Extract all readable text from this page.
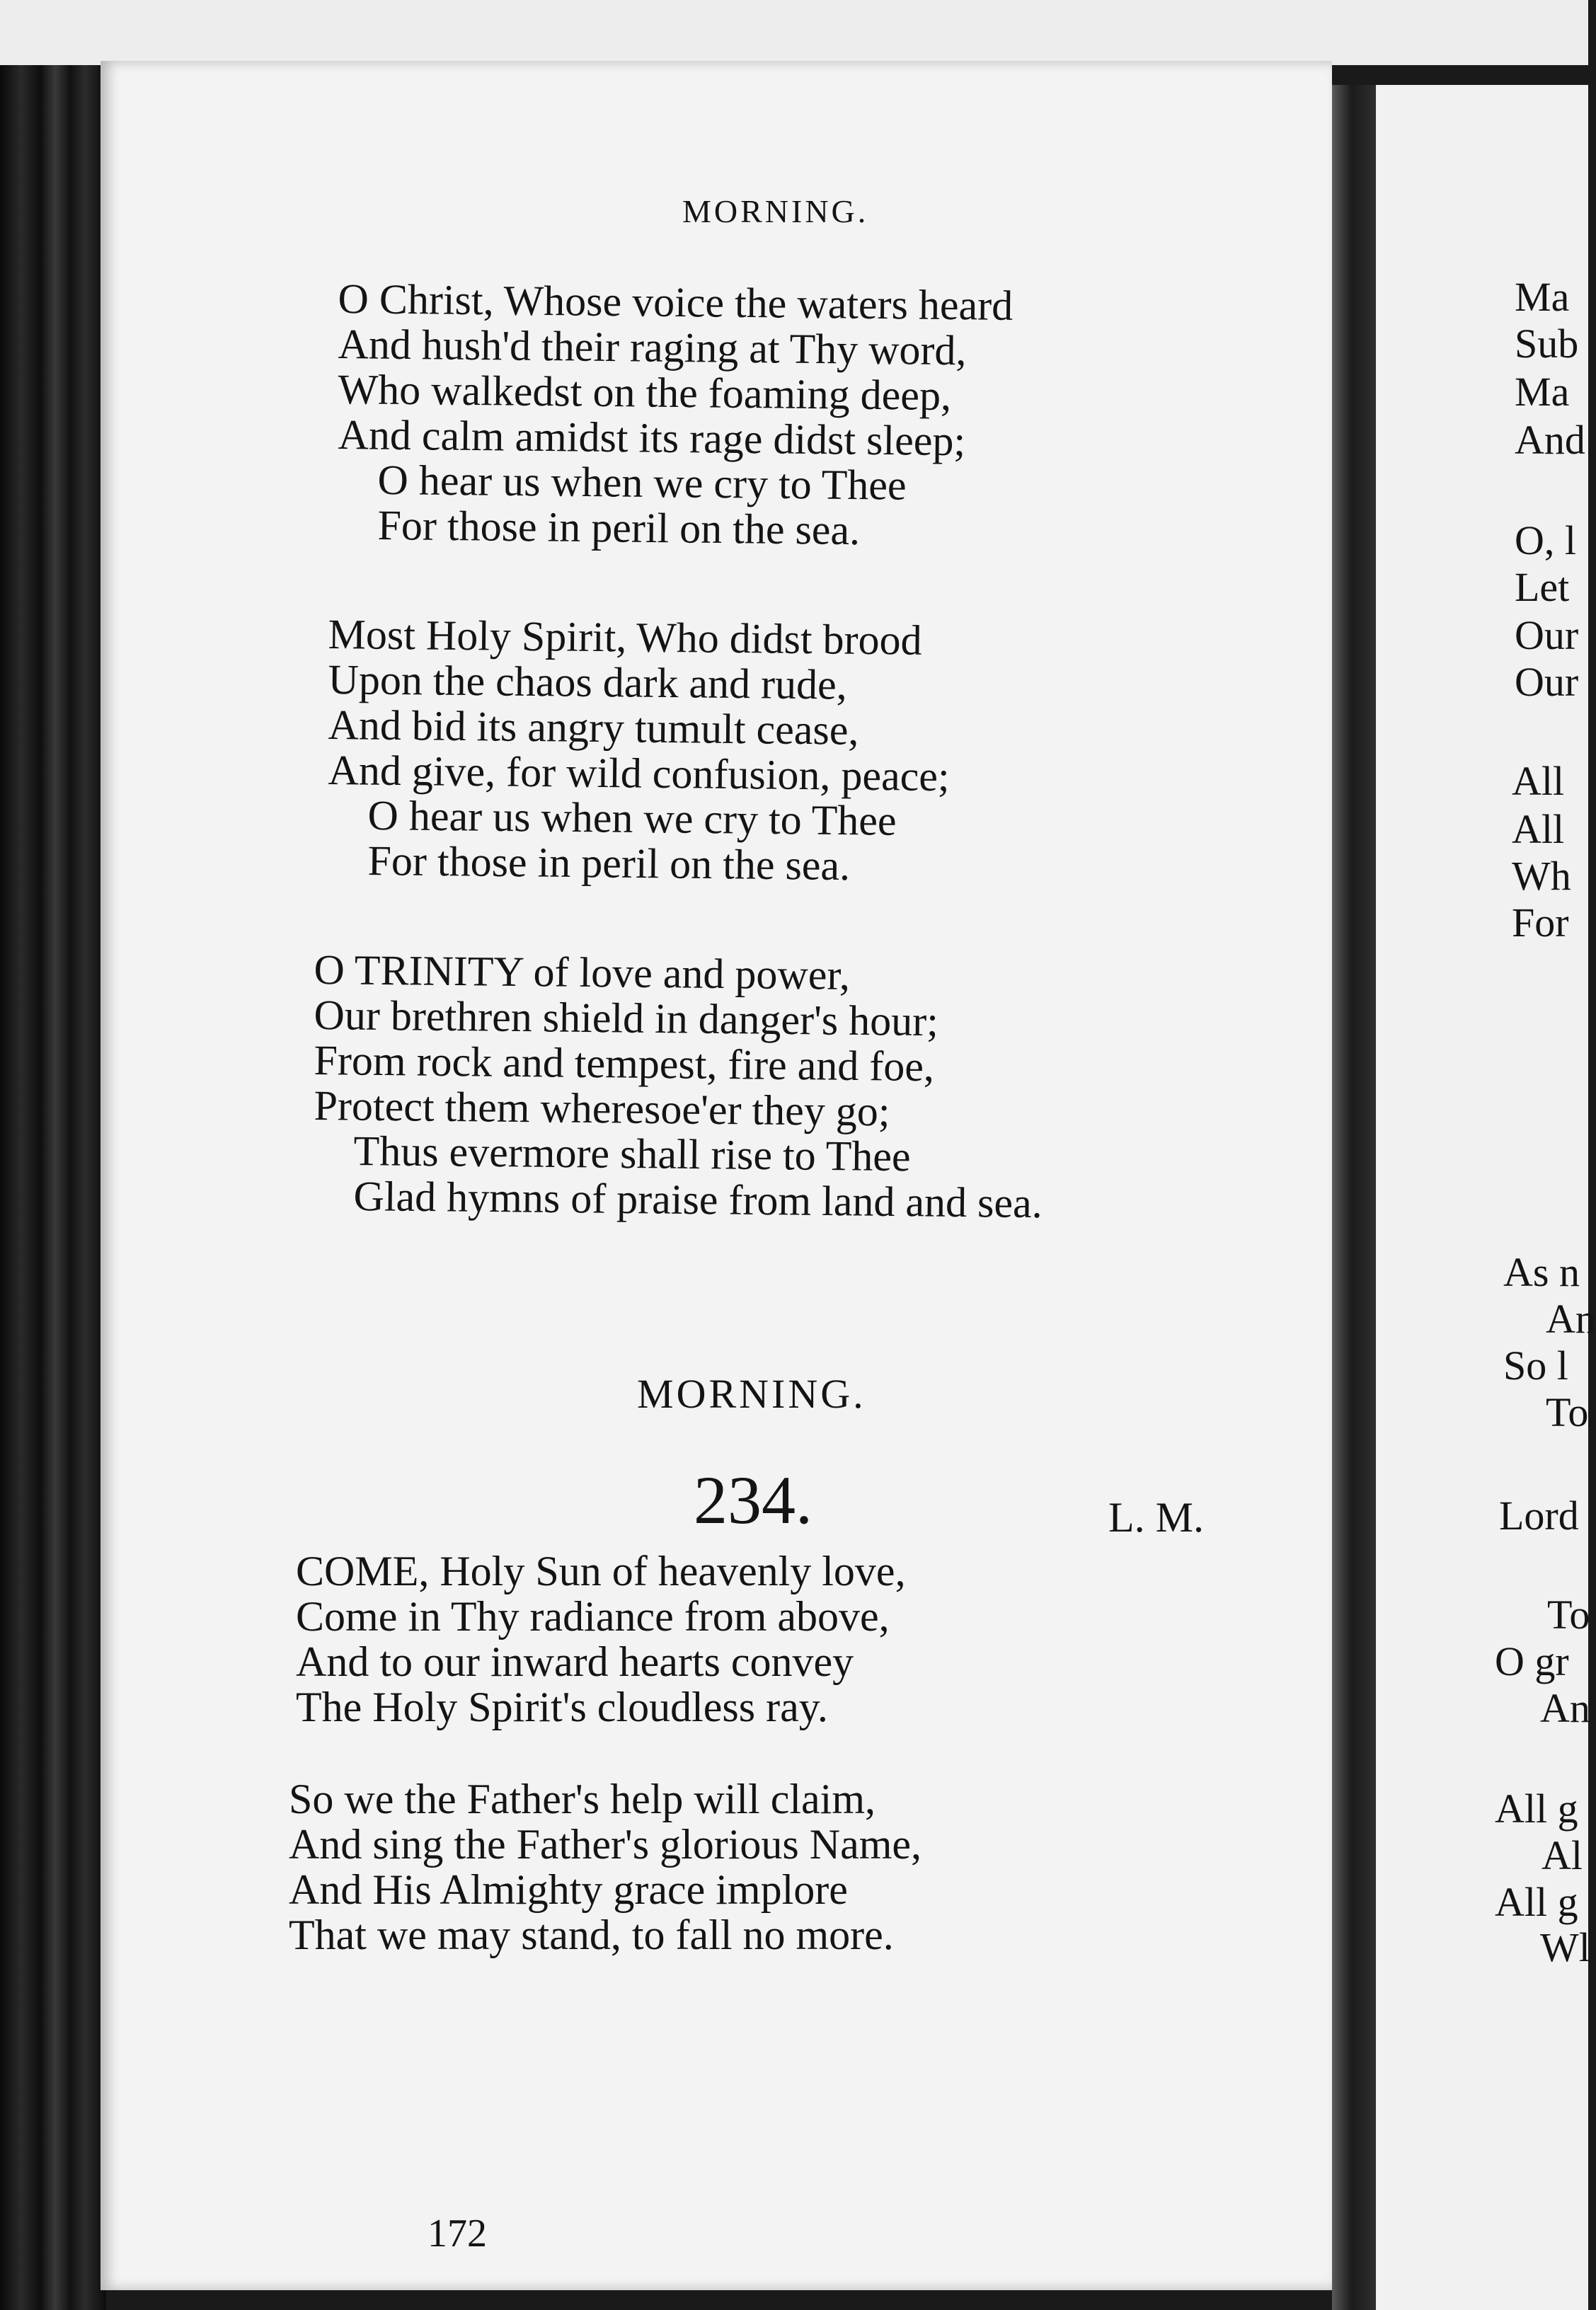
MORNING.
O Christ, Whose voice the waters heard
And hush'd their raging at Thy word,
Who walkedst on the foaming deep,
And calm amidst its rage didst sleep;
O hear us when we cry to Thee
For those in peril on the sea.
Most Holy Spirit, Who didst brood
Upon the chaos dark and rude,
And bid its angry tumult cease,
And give, for wild confusion, peace;
O hear us when we cry to Thee
For those in peril on the sea.
O TRINITY of love and power,
Our brethren shield in danger's hour;
From rock and tempest, fire and foe,
Protect them wheresoe'er they go;
Thus evermore shall rise to Thee
Glad hymns of praise from land and sea.
MORNING.
234.	L. M.
COME, Holy Sun of heavenly love,
Come in Thy radiance from above,
And to our inward hearts convey
The Holy Spirit's cloudless ray.
So we the Father's help will claim,
And sing the Father's glorious Name,
And His Almighty grace implore
That we may stand, to fall no more.
172
Ma
Sub
Ma
And
O, l
Let
Our
Our
All
All
Wh
For
As n
An
So l
To
Lord
To
O gr
An
All g
Al
All g
Wl
